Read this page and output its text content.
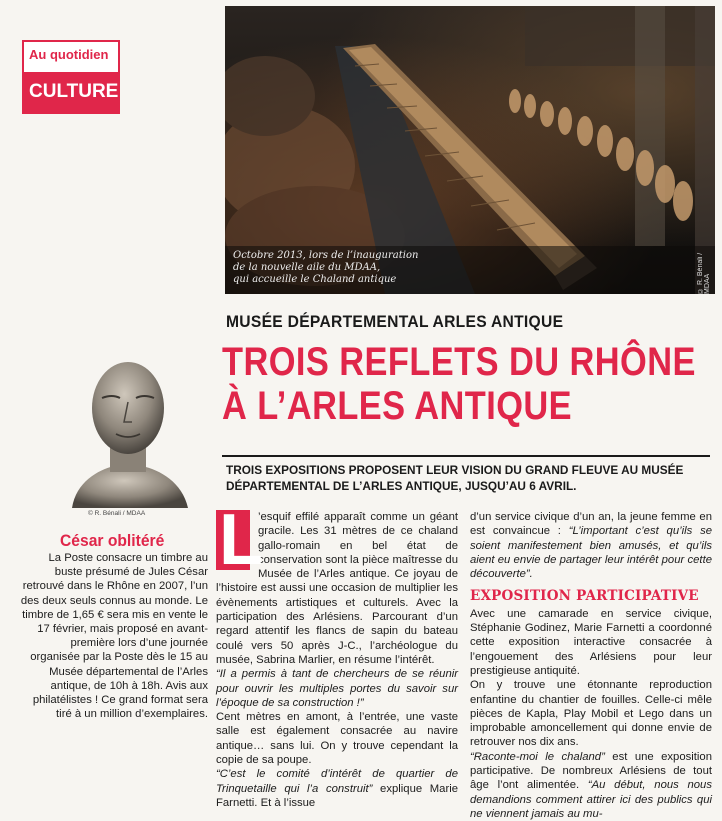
Au quotidien
CULTURE
Octobre 2013, lors de l’inauguration
de la nouvelle aile du MDAA,
qui accueille le Chaland antique	© R. Bénali / MDAA
MUSÉE DÉPARTEMENTAL ARLES ANTIQUE
TROIS REFLETS DU RHÔNE
À L’ARLES ANTIQUE
TROIS EXPOSITIONS PROPOSENT LEUR VISION DU GRAND FLEUVE AU MUSÉE
DÉPARTEMENTAL DE L’ARLES ANTIQUE, JUSQU’AU 6 AVRIL.
© R. Bénali / MDAA
César oblitéré
La Poste consacre un timbre au buste présumé de Jules César retrouvé dans le Rhône en 2007, l’un des deux seuls connus au monde. Le timbre de 1,65 € sera mis en vente le 17 février, mais proposé en avant-première lors d’une journée organisée par la Poste dès le 15 au Musée départemental de l’Arles antique, de 10h à 18h. Avis aux philatélistes ! Ce grand format sera tiré à un million d’exemplaires.
L

’esquif effilé apparaît comme un géant gracile. Les 31 mètres de ce chaland gallo-romain en bel état de conservation sont la pièce maîtresse du Musée de l’Arles antique. Ce joyau de l’histoire est aussi une occasion de multiplier les évènements artistiques et culturels. Avec la participation des Arlésiens. Parcourant d’un regard attentif les flancs de sapin du bateau coulé vers 50 après J-C., l’archéologue du musée, Sabrina Marlier, en résume l’intérêt.

“Il a permis à tant de chercheurs de se réunir pour ouvrir les multiples portes du savoir sur l’époque de sa construction !”

Cent mètres en amont, à l’entrée, une vaste salle est également consacrée au navire antique… sans lui. On y trouve cependant la copie de sa poupe.

“C’est le comité d’intérêt de quartier de Trinquetaille qui l’a construit” explique Marie Farnetti. Et à l’issue

d’un service civique d’un an, la jeune femme en est convaincue : “L’important c’est qu’ils se soient manifestement bien amusés, et qu’ils aient eu envie de partager leur intérêt pour cette découverte”.

EXPOSITION PARTICIPATIVE

Avec une camarade en service civique, Stéphanie Godinez, Marie Farnetti a coordonné cette exposition interactive consacrée à l’engouement des Arlésiens pour leur prestigieuse antiquité.

On y trouve une étonnante reproduction enfantine du chantier de fouilles. Celle-ci mêle pièces de Kapla, Play Mobil et Lego dans un improbable amoncellement qui donne envie de retrouver nos dix ans.

“Raconte-moi le chaland” est une exposition participative. De nombreux Arlésiens de tout âge l’ont alimentée. “Au début, nous nous demandions comment attirer ici des publics qui ne viennent jamais au mu-
